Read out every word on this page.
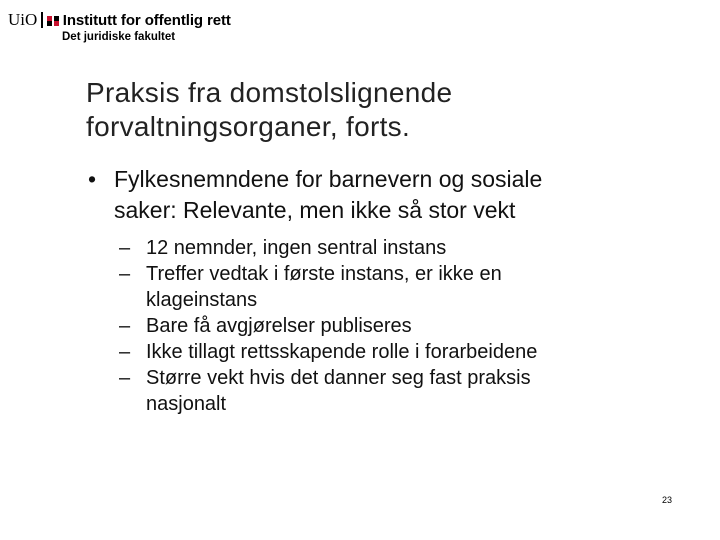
UiO Institutt for offentlig rett
Det juridiske fakultet
Praksis fra domstolslignende
forvaltningsorganer, forts.
• Fylkesnemndene for barnevern og sosiale
saker: Relevante, men ikke så stor vekt
– 12 nemnder, ingen sentral instans
– Treffer vedtak i første instans, er ikke en
klageinstans
– Bare få avgjørelser publiseres
– Ikke tillagt rettsskapende rolle i forarbeidene
– Større vekt hvis det danner seg fast praksis
nasjonalt
23
